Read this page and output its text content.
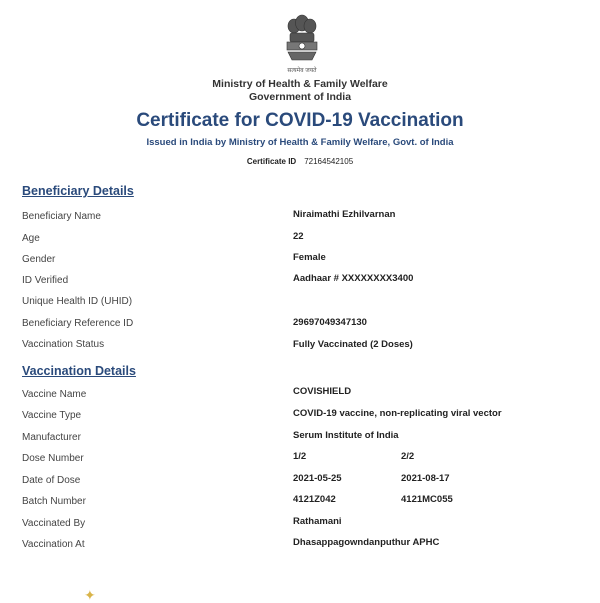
सत्यमेव जयते
Ministry of Health & Family Welfare
Government of India
Certificate for COVID-19 Vaccination
Issued in India by Ministry of Health & Family Welfare, Govt. of India
Certificate ID 72164542105
Beneficiary Details
Beneficiary Name	Niraimathi Ezhilvarnan
Age	22
Gender	Female
ID Verified	Aadhaar # XXXXXXXX3400
Unique Health ID (UHID)
Beneficiary Reference ID	29697049347130
Vaccination Status	Fully Vaccinated (2 Doses)
Vaccination Details
Vaccine Name	COVISHIELD
Vaccine Type	COVID-19 vaccine, non-replicating viral vector
Manufacturer	Serum Institute of India
Dose Number	1/2	2/2
Date of Dose	2021-05-25	2021-08-17
Batch Number	4121Z042	4121MC055
Vaccinated By	Rathamani
Vaccination At	Dhasappagowndanputhur APHC
✦
